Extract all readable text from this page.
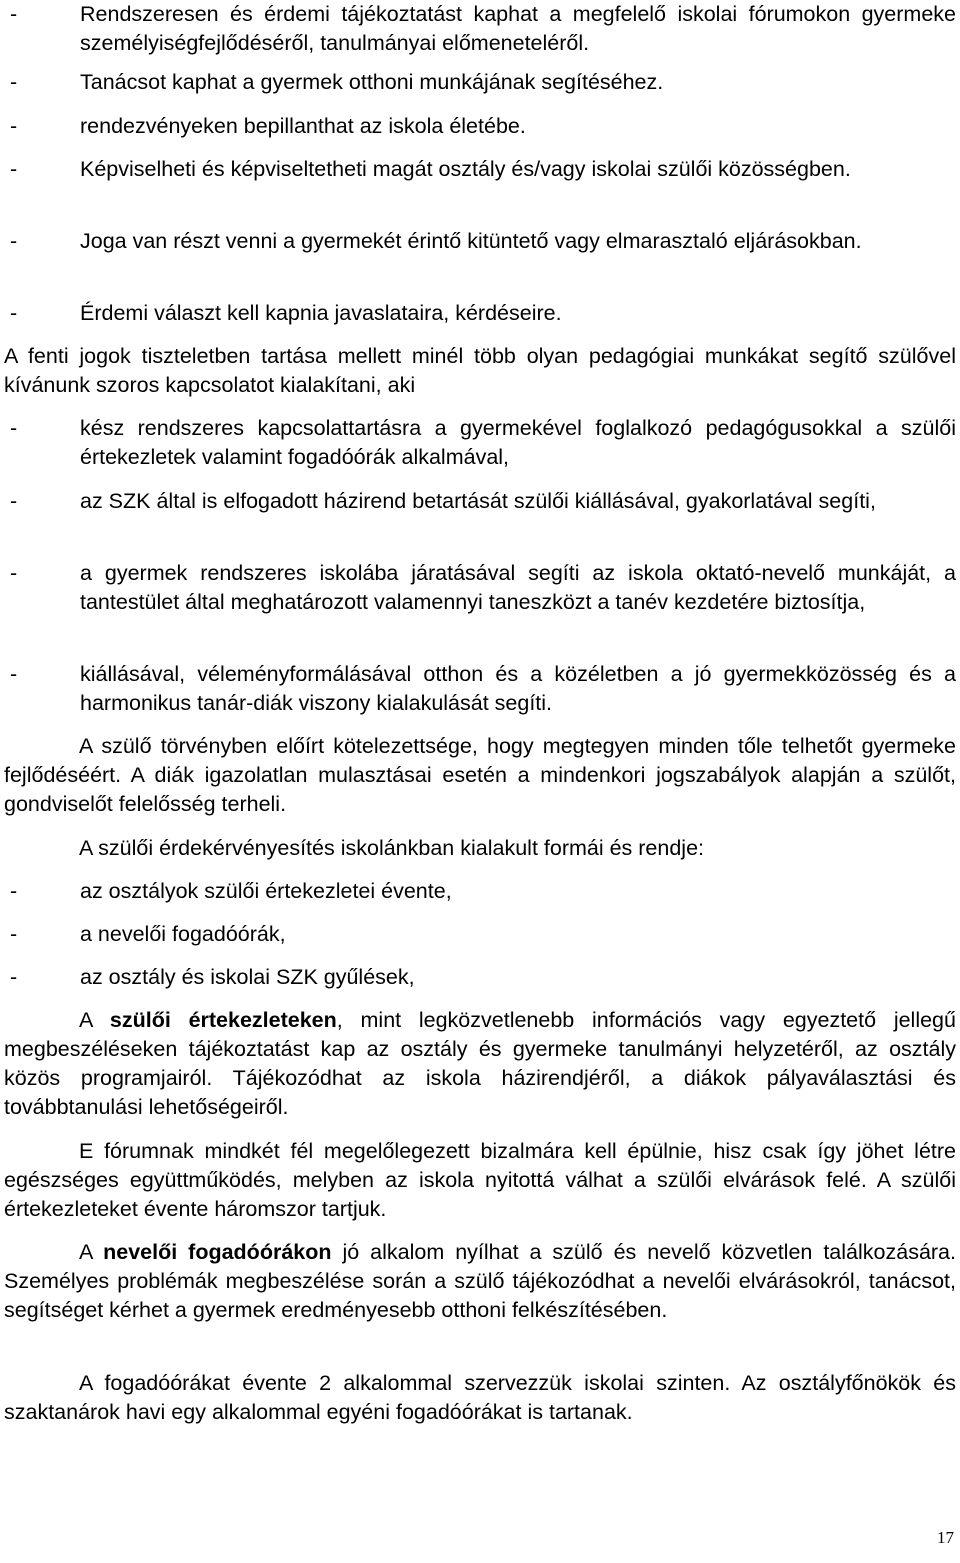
-	Rendszeresen és érdemi tájékoztatást kaphat a megfelelő iskolai fórumokon gyermeke személyiségfejlődéséről, tanulmányai előmeneteléről.
-	Tanácsot kaphat a gyermek otthoni munkájának segítéséhez.
-	rendezvényeken bepillanthat az iskola életébe.
-	Képviselheti és képviseltetheti magát osztály és/vagy iskolai szülői közösségben.
-	Joga van részt venni a gyermekét érintő kitüntető vagy elmarasztaló eljárásokban.
-	Érdemi választ kell kapnia javaslataira, kérdéseire.
A fenti jogok tiszteletben tartása mellett minél több olyan pedagógiai munkákat segítő szülővel kívánunk szoros kapcsolatot kialakítani, aki
-	kész rendszeres kapcsolattartásra a gyermekével foglalkozó pedagógusokkal a szülői értekezletek valamint fogadóórák alkalmával,
-	az SZK által is elfogadott házirend betartását szülői kiállásával, gyakorlatával segíti,
-	a gyermek rendszeres iskolába járatásával segíti az iskola oktató-nevelő munkáját, a tantestület által meghatározott valamennyi taneszközt a tanév kezdetére biztosítja,
-	kiállásával, véleményformálásával otthon és a közéletben a jó gyermekközösség és a harmonikus tanár-diák viszony kialakulását segíti.
A szülő törvényben előírt kötelezettsége, hogy megtegyen minden tőle telhetőt gyermeke fejlődéséért. A diák igazolatlan mulasztásai esetén a mindenkori jogszabályok alapján a szülőt, gondviselőt felelősség terheli.
A szülői érdekérvényesítés iskolánkban kialakult formái és rendje:
-	az osztályok szülői értekezletei évente,
-	a nevelői fogadóórák,
-	az osztály és iskolai SZK gyűlések,
A szülői értekezleteken, mint legközvetlenebb információs vagy egyeztető jellegű megbeszéléseken tájékoztatást kap az osztály és gyermeke tanulmányi helyzetéről, az osztály közös programjairól. Tájékozódhat az iskola házirendjéről, a diákok pályaválasztási és továbbtanulási lehetőségeiről.
E fórumnak mindkét fél megelőlegezett bizalmára kell épülnie, hisz csak így jöhet létre egészséges együttműködés, melyben az iskola nyitottá válhat a szülői elvárások felé. A szülői értekezleteket évente háromszor tartjuk.
A nevelői fogadóórákon jó alkalom nyílhat a szülő és nevelő közvetlen találkozására. Személyes problémák megbeszélése során a szülő tájékozódhat a nevelői elvárásokról, tanácsot, segítséget kérhet a gyermek eredményesebb otthoni felkészítésében.
A fogadóórákat évente 2 alkalommal szervezzük iskolai szinten. Az osztályfőnökök és szaktanárok havi egy alkalommal egyéni fogadóórákat is tartanak.
17
